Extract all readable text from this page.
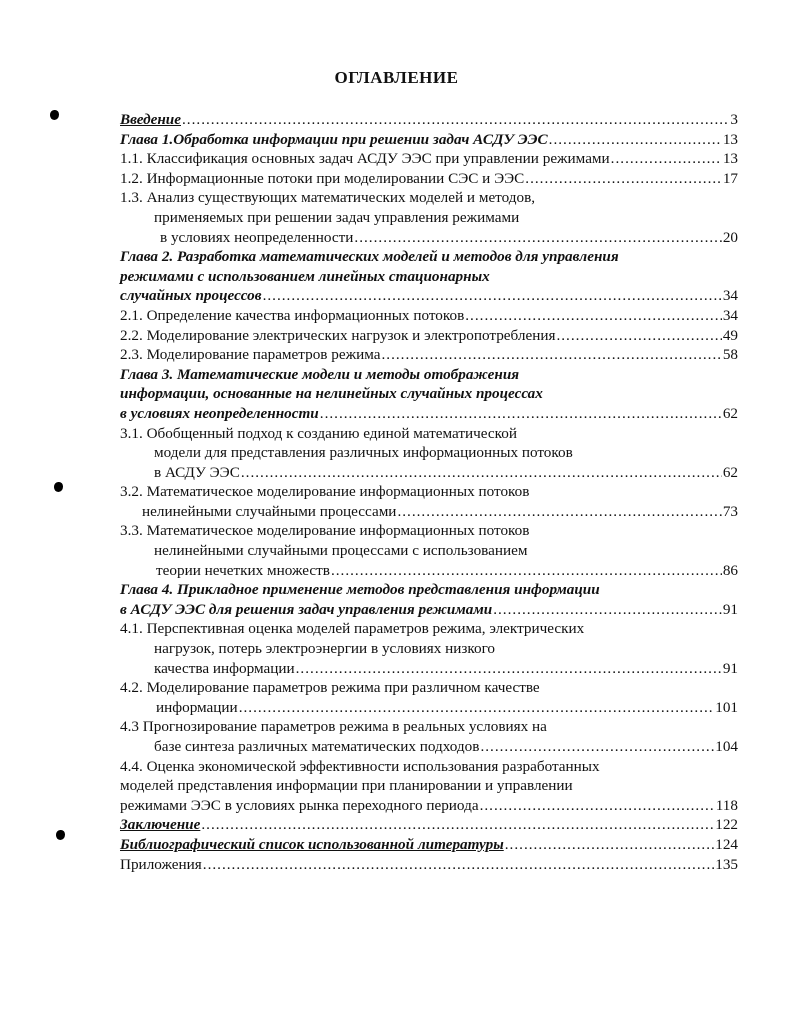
ОГЛАВЛЕНИЕ
Введение .....	3
Глава 1.Обработка информации при решении задач АСДУ ЭЭС .....	13
1.1. Классификация основных задач АСДУ ЭЭС при управлении режимами .....	13
1.2. Информационные потоки при моделировании СЭС и ЭЭС .....	17
1.3. Анализ существующих математических моделей и методов,
применяемых при решении задач управления режимами
в условиях неопределенности .....	20
Глава 2. Разработка математических моделей и методов для управления
режимами с использованием линейных стационарных
случайных процессов .....	34
2.1. Определение качества информационных потоков .....	34
2.2. Моделирование электрических нагрузок и электропотребления .....	49
2.3. Моделирование параметров режима .....	58
Глава 3. Математические модели и методы отображения
информации, основанные на нелинейных случайных процессах
в условиях неопределенности .....	62
3.1. Обобщенный подход к созданию единой математической
модели для представления различных информационных потоков
в АСДУ ЭЭС .....	62
3.2. Математическое моделирование информационных потоков
нелинейными случайными процессами .....	73
3.3. Математическое моделирование информационных потоков
нелинейными случайными процессами с использованием
теории нечетких множеств .....	86
Глава 4. Прикладное применение методов представления информации
в АСДУ ЭЭС для решения задач управления режимами .....	91
4.1. Перспективная оценка моделей параметров режима, электрических
нагрузок, потерь электроэнергии в условиях низкого
качества информации .....	91
4.2. Моделирование параметров режима при различном качестве
информации .....	101
4.3 Прогнозирование параметров режима в реальных условиях на
базе синтеза различных математических подходов .....	104
4.4. Оценка экономической эффективности использования разработанных
моделей представления информации при планировании и управлении
режимами ЭЭС в условиях рынка переходного периода .....	118
Заключение .....	122
Библиографический список использованной литературы .....	124
Приложения .....	135
